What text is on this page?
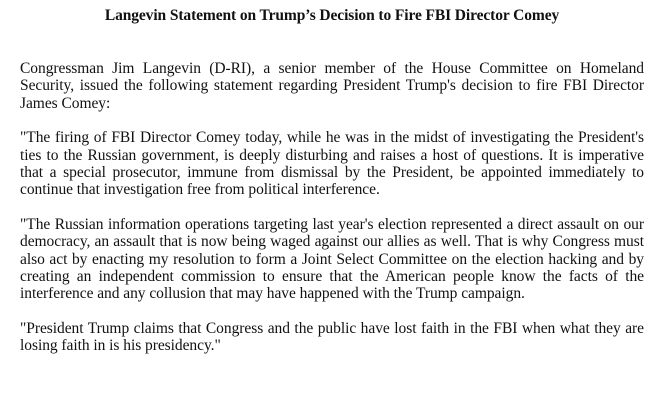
Langevin Statement on Trump’s Decision to Fire FBI Director Comey

Congressman Jim Langevin (D-RI), a senior member of the House Committee on Homeland Security, issued the following statement regarding President Trump's decision to fire FBI Director James Comey:

"The firing of FBI Director Comey today, while he was in the midst of investigating the President's ties to the Russian government, is deeply disturbing and raises a host of questions. It is imperative that a special prosecutor, immune from dismissal by the President, be appointed immediately to continue that investigation free from political interference.

"The Russian information operations targeting last year's election represented a direct assault on our democracy, an assault that is now being waged against our allies as well. That is why Congress must also act by enacting my resolution to form a Joint Select Committee on the election hacking and by creating an independent commission to ensure that the American people know the facts of the interference and any collusion that may have happened with the Trump campaign.

"President Trump claims that Congress and the public have lost faith in the FBI when what they are losing faith in is his presidency."
